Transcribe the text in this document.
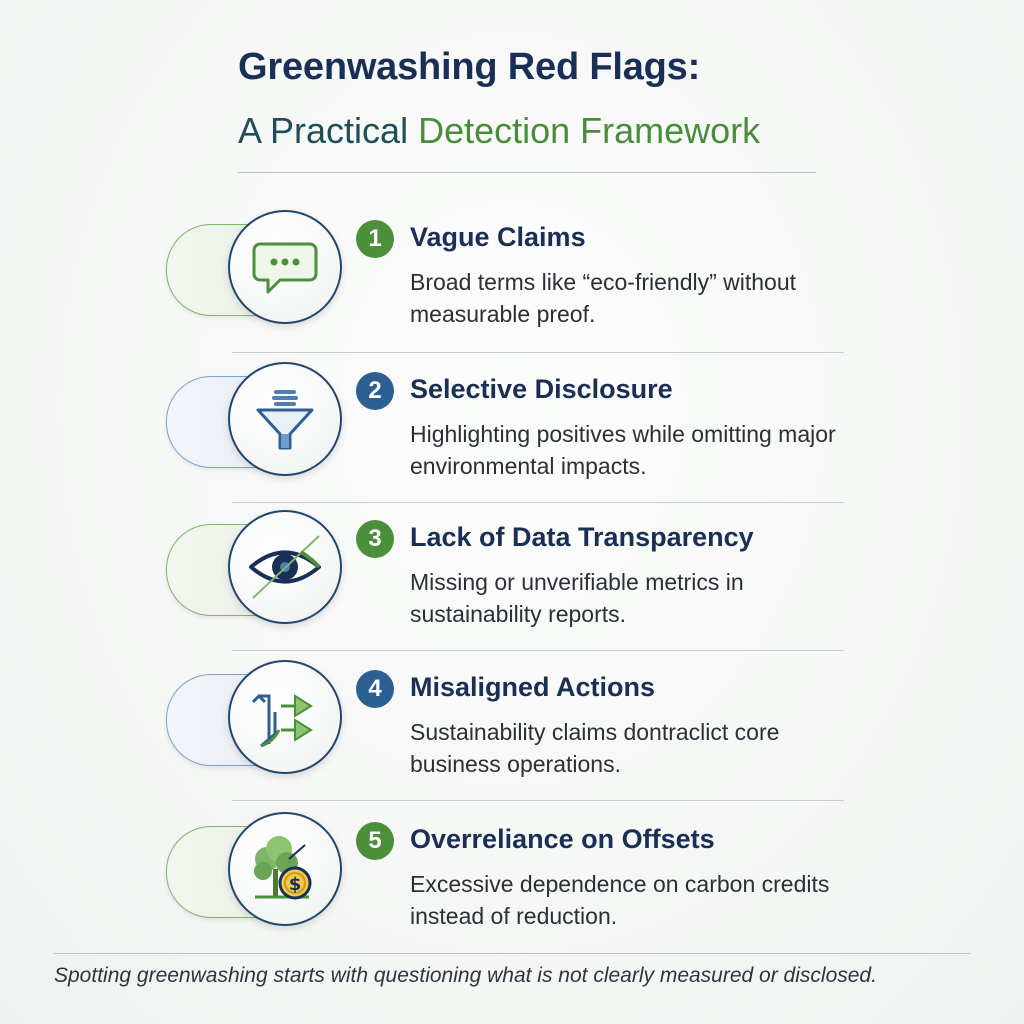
Greenwashing Red Flags:
A Practical Detection Framework
1	Vague Claims
Broad terms like “eco-friendly” without measurable preof.
2	Selective Disclosure
Highlighting positives while omitting major environmental impacts.
3	Lack of Data Transparency
Missing or unverifiable metrics in sustainability reports.
4	Misaligned Actions
Sustainability claims dontraclict core business operations.
$
5	Overreliance on Offsets
Excessive dependence on carbon credits instead of reduction.
Spotting greenwashing starts with questioning what is not clearly measured or disclosed.
